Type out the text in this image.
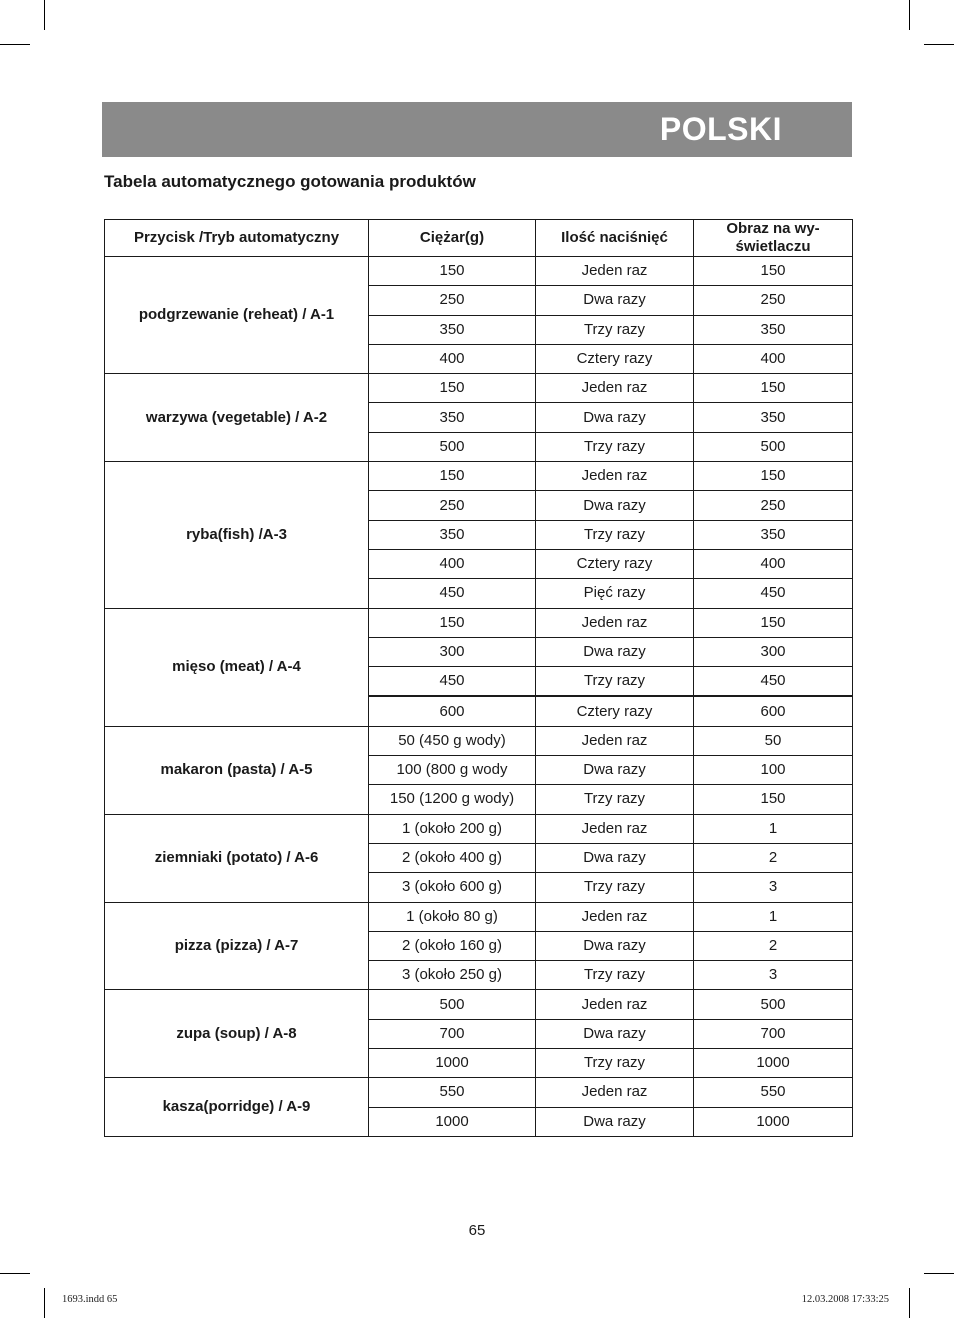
POLSKI
Tabela automatycznego gotowania produktów
Przycisk /Tryb automatyczny	Ciężar(g)	Ilość naciśnięć	Obraz na wy-świetlaczu
podgrzewanie (reheat) / A-1	150	Jeden raz	150
	250	Dwa razy	250
	350	Trzy razy	350
	400	Cztery razy	400
warzywa (vegetable) / A-2	150	Jeden raz	150
	350	Dwa razy	350
	500	Trzy razy	500
ryba(fish) /A-3	150	Jeden raz	150
	250	Dwa razy	250
	350	Trzy razy	350
	400	Cztery razy	400
	450	Pięć razy	450
mięso (meat) / A-4	150	Jeden raz	150
	300	Dwa razy	300
	450	Trzy razy	450
	600	Cztery razy	600
makaron (pasta) / A-5	50 (450 g wody)	Jeden raz	50
	100 (800 g wody	Dwa razy	100
	150 (1200 g wody)	Trzy razy	150
ziemniaki (potato) / A-6	1 (około 200 g)	Jeden raz	1
	2 (około 400 g)	Dwa razy	2
	3 (około 600 g)	Trzy razy	3
pizza (pizza) / A-7	1 (około 80 g)	Jeden raz	1
	2 (około 160 g)	Dwa razy	2
	3 (około 250 g)	Trzy razy	3
zupa (soup) / A-8	500	Jeden raz	500
	700	Dwa razy	700
	1000	Trzy razy	1000
kasza(porridge) / A-9	550	Jeden raz	550
	1000	Dwa razy	1000
65
1693.indd 65	12.03.2008 17:33:25
